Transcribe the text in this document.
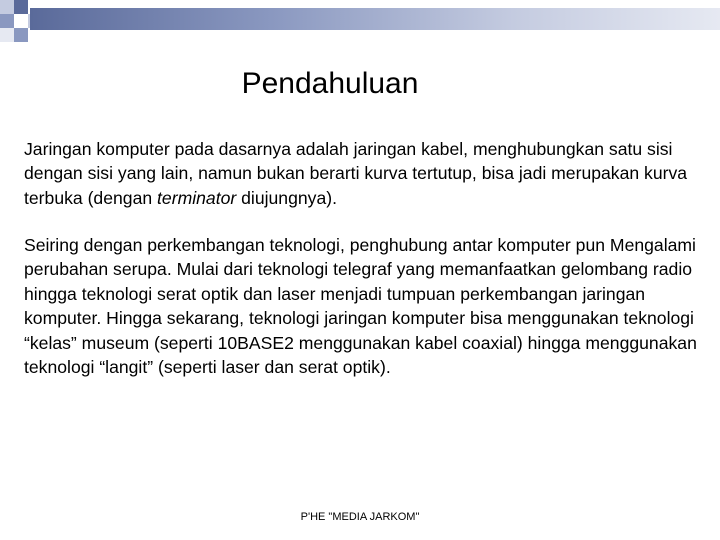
Pendahuluan

Jaringan komputer pada dasarnya adalah jaringan kabel, menghubungkan satu sisi dengan sisi yang lain, namun bukan berarti kurva tertutup, bisa jadi merupakan kurva terbuka (dengan terminator diujungnya).

Seiring dengan perkembangan teknologi, penghubung antar komputer pun Mengalami perubahan serupa. Mulai dari teknologi telegraf yang memanfaatkan gelombang radio hingga teknologi serat optik dan laser menjadi tumpuan perkembangan jaringan komputer. Hingga sekarang, teknologi jaringan komputer bisa menggunakan teknologi “kelas” museum (seperti 10BASE2 menggunakan kabel coaxial) hingga menggunakan teknologi “langit” (seperti laser dan serat optik).

P'HE "MEDIA JARKOM"
